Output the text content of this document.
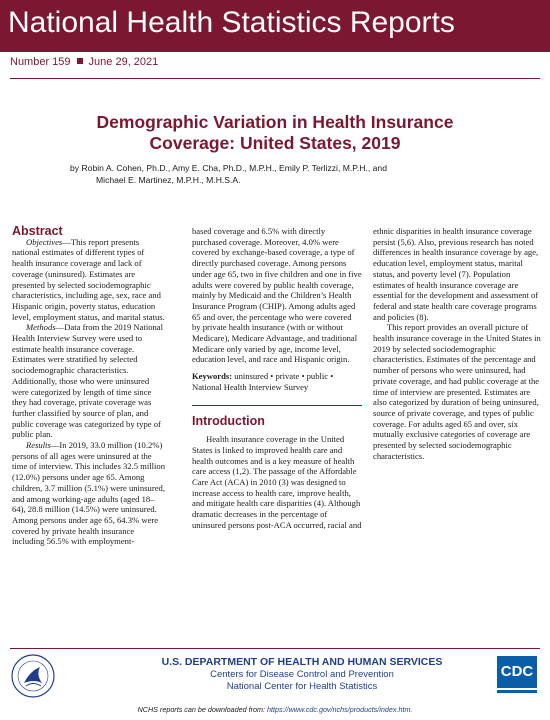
National Health Statistics Reports
Number 159 June 29, 2021
Demographic Variation in Health Insurance
Coverage: United States, 2019
by Robin A. Cohen, Ph.D., Amy E. Cha, Ph.D., M.P.H., Emily P. Terlizzi, M.P.H., and
Michael E. Martinez, M.P.H., M.H.S.A.

Abstract

Objectives—This report presents national estimates of different types of health insurance coverage and lack of coverage (uninsured). Estimates are presented by selected sociodemographic characteristics, including age, sex, race and Hispanic origin, poverty status, education level, employment status, and marital status.

Methods—Data from the 2019 National Health Interview Survey were used to estimate health insurance coverage. Estimates were stratified by selected sociodemographic characteristics. Additionally, those who were uninsured were categorized by length of time since they had coverage, private coverage was further classified by source of plan, and public coverage was categorized by type of public plan.

Results—In 2019, 33.0 million (10.2%) persons of all ages were uninsured at the time of interview. This includes 32.5 million (12.0%) persons under age 65. Among children, 3.7 million (5.1%) were uninsured, and among working-age adults (aged 18–64), 28.8 million (14.5%) were uninsured. Among persons under age 65, 64.3% were covered by private health insurance including 56.5% with employment-

based coverage and 6.5% with directly purchased coverage. Moreover, 4.0% were covered by exchange-based coverage, a type of directly purchased coverage. Among persons under age 65, two in five children and one in five adults were covered by public health coverage, mainly by Medicaid and the Children’s Health Insurance Program (CHIP). Among adults aged 65 and over, the percentage who were covered by private health insurance (with or without Medicare), Medicare Advantage, and traditional Medicare only varied by age, income level, education level, and race and Hispanic origin.

Keywords: uninsured • private • public • National Health Interview Survey

Introduction

Health insurance coverage in the United States is linked to improved health care and health outcomes and is a key measure of health care access (1,2). The passage of the Affordable Care Act (ACA) in 2010 (3) was designed to increase access to health care, improve health, and mitigate health care disparities (4). Although dramatic decreases in the percentage of uninsured persons post-ACA occurred, racial and

ethnic disparities in health insurance coverage persist (5,6). Also, previous research has noted differences in health insurance coverage by age, education level, employment status, marital status, and poverty level (7). Population estimates of health insurance coverage are essential for the development and assessment of federal and state health care coverage programs and policies (8).

This report provides an overall picture of health insurance coverage in the United States in 2019 by selected sociodemographic characteristics. Estimates of the percentage and number of persons who were uninsured, had private coverage, and had public coverage at the time of interview are presented. Estimates are also categorized by duration of being uninsured, source of private coverage, and types of public coverage. For adults aged 65 and over, six mutually exclusive categories of coverage are presented by selected sociodemographic characteristics.

U.S. DEPARTMENT OF HEALTH AND HUMAN SERVICES
Centers for Disease Control and Prevention
National Center for Health Statistics
CDC
NCHS reports can be downloaded from: https://www.cdc.gov/nchs/products/index.htm.
